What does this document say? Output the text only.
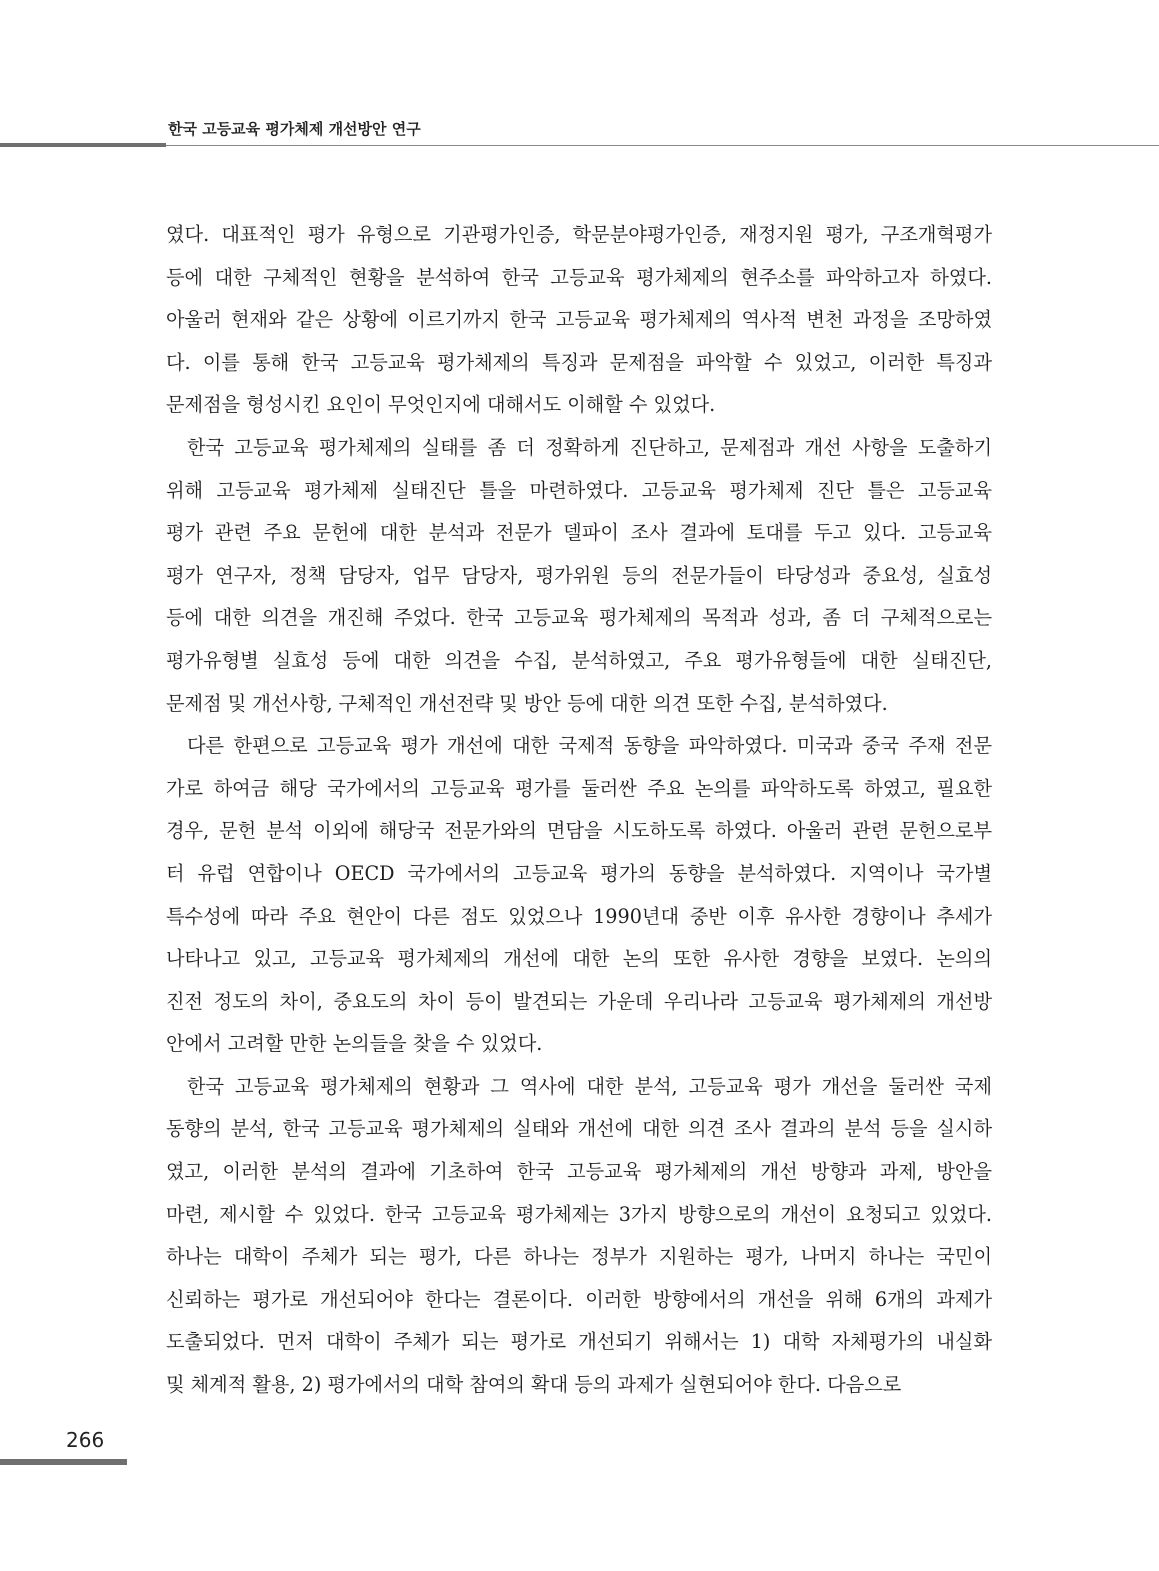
한국 고등교육 평가체제 개선방안 연구
였다. 대표적인 평가 유형으로 기관평가인증, 학문분야평가인증, 재정지원 평가, 구조개혁평가
등에 대한 구체적인 현황을 분석하여 한국 고등교육 평가체제의 현주소를 파악하고자 하였다.
아울러 현재와 같은 상황에 이르기까지 한국 고등교육 평가체제의 역사적 변천 과정을 조망하였
다. 이를 통해 한국 고등교육 평가체제의 특징과 문제점을 파악할 수 있었고, 이러한 특징과
문제점을 형성시킨 요인이 무엇인지에 대해서도 이해할 수 있었다.
한국 고등교육 평가체제의 실태를 좀 더 정확하게 진단하고, 문제점과 개선 사항을 도출하기
위해 고등교육 평가체제 실태진단 틀을 마련하였다. 고등교육 평가체제 진단 틀은 고등교육
평가 관련 주요 문헌에 대한 분석과 전문가 델파이 조사 결과에 토대를 두고 있다. 고등교육
평가 연구자, 정책 담당자, 업무 담당자, 평가위원 등의 전문가들이 타당성과 중요성, 실효성
등에 대한 의견을 개진해 주었다. 한국 고등교육 평가체제의 목적과 성과, 좀 더 구체적으로는
평가유형별 실효성 등에 대한 의견을 수집, 분석하였고, 주요 평가유형들에 대한 실태진단,
문제점 및 개선사항, 구체적인 개선전략 및 방안 등에 대한 의견 또한 수집, 분석하였다.
다른 한편으로 고등교육 평가 개선에 대한 국제적 동향을 파악하였다. 미국과 중국 주재 전문
가로 하여금 해당 국가에서의 고등교육 평가를 둘러싼 주요 논의를 파악하도록 하였고, 필요한
경우, 문헌 분석 이외에 해당국 전문가와의 면담을 시도하도록 하였다. 아울러 관련 문헌으로부
터 유럽 연합이나 OECD 국가에서의 고등교육 평가의 동향을 분석하였다. 지역이나 국가별
특수성에 따라 주요 현안이 다른 점도 있었으나 1990년대 중반 이후 유사한 경향이나 추세가
나타나고 있고, 고등교육 평가체제의 개선에 대한 논의 또한 유사한 경향을 보였다. 논의의
진전 정도의 차이, 중요도의 차이 등이 발견되는 가운데 우리나라 고등교육 평가체제의 개선방
안에서 고려할 만한 논의들을 찾을 수 있었다.
한국 고등교육 평가체제의 현황과 그 역사에 대한 분석, 고등교육 평가 개선을 둘러싼 국제
동향의 분석, 한국 고등교육 평가체제의 실태와 개선에 대한 의견 조사 결과의 분석 등을 실시하
였고, 이러한 분석의 결과에 기초하여 한국 고등교육 평가체제의 개선 방향과 과제, 방안을
마련, 제시할 수 있었다. 한국 고등교육 평가체제는 3가지 방향으로의 개선이 요청되고 있었다.
하나는 대학이 주체가 되는 평가, 다른 하나는 정부가 지원하는 평가, 나머지 하나는 국민이
신뢰하는 평가로 개선되어야 한다는 결론이다. 이러한 방향에서의 개선을 위해 6개의 과제가
도출되었다. 먼저 대학이 주체가 되는 평가로 개선되기 위해서는 1) 대학 자체평가의 내실화
및 체계적 활용, 2) 평가에서의 대학 참여의 확대 등의 과제가 실현되어야 한다. 다음으로
266
